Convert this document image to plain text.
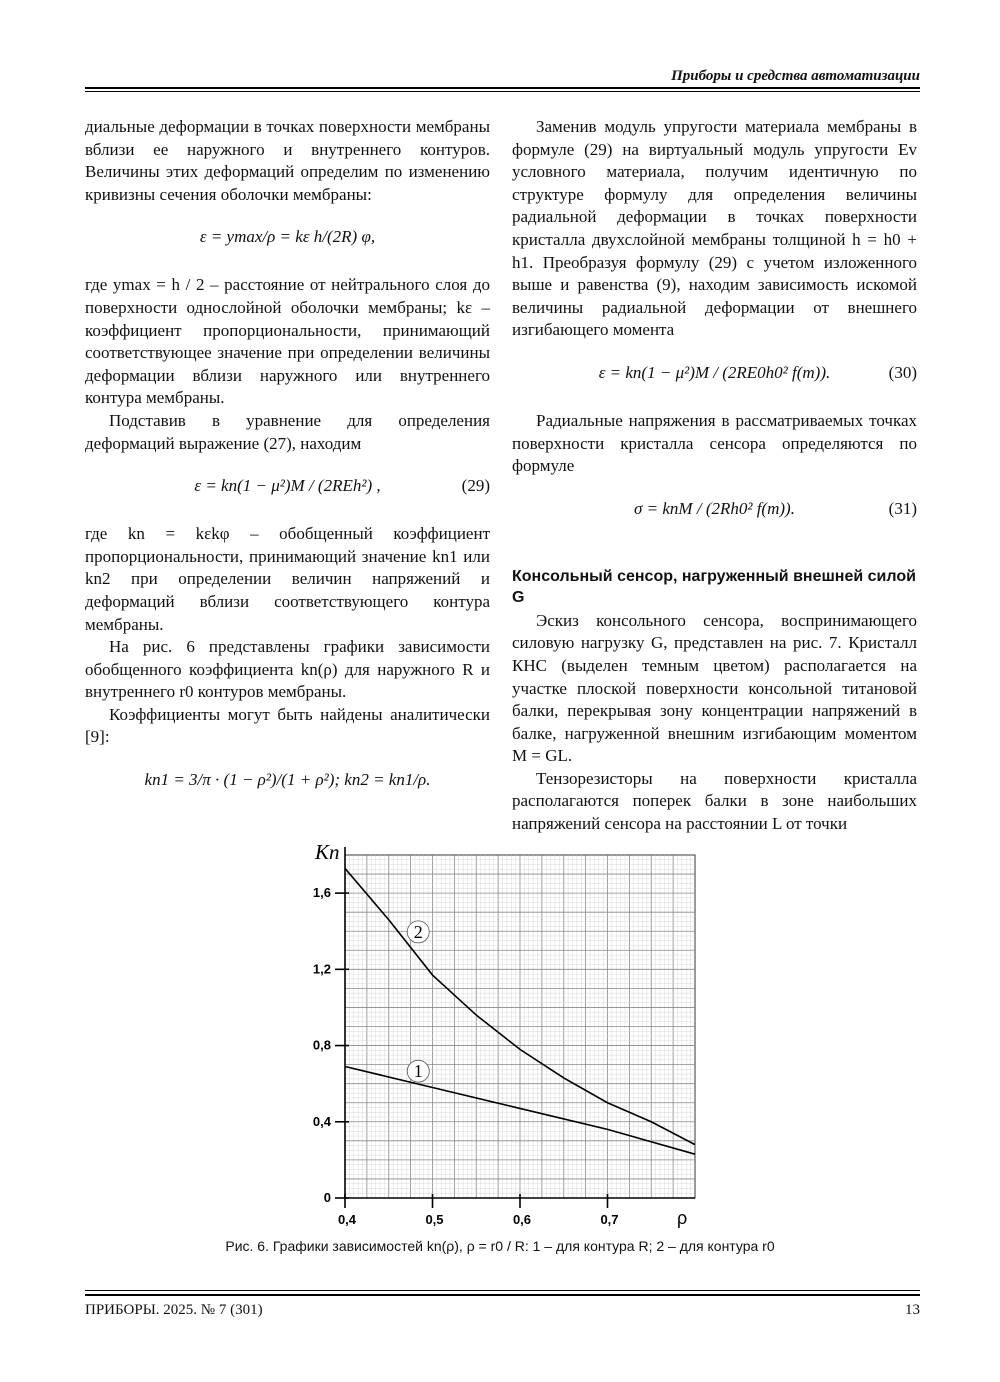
Приборы и средства автоматизации

диальные деформации в точках поверхности мембраны вблизи ее наружного и внутреннего контуров. Величины этих деформаций определим по изменению кривизны сечения оболочки мембраны:

ε = ymax/ρ = kε h/(2R) φ,

где ymax = h / 2 – расстояние от нейтрального слоя до поверхности однослойной оболочки мембраны; kε – коэффициент пропорциональности, принимающий соответствующее значение при определении величины деформации вблизи наружного или внутреннего контура мембраны.

Подставив в уравнение для определения деформаций выражение (27), находим

ε = kn(1 − μ²)M / (2REh²) ,	(29)

где kn = kεkφ – обобщенный коэффициент пропорциональности, принимающий значение kn1 или kn2 при определении величин напряжений и деформаций вблизи соответствующего контура мембраны.

На рис. 6 представлены графики зависимости обобщенного коэффициента kn(ρ) для наружного R и внутреннего r0 контуров мембраны.

Коэффициенты могут быть найдены аналитически [9]:

kn1 = 3/π · (1 − ρ²)/(1 + ρ²); kn2 = kn1/ρ.

Заменив модуль упругости материала мембраны в формуле (29) на виртуальный модуль упругости Ev условного материала, получим идентичную по структуре формулу для определения величины радиальной деформации в точках поверхности кристалла двухслойной мембраны толщиной h = h0 + h1. Преобразуя формулу (29) с учетом изложенного выше и равенства (9), находим зависимость искомой величины радиальной деформации от внешнего изгибающего момента

ε = kn(1 − μ²)M / (2RE0h0² f(m)).	(30)

Радиальные напряжения в рассматриваемых точках поверхности кристалла сенсора определяются по формуле

σ = knM / (2Rh0² f(m)).	(31)
Консольный сенсор, нагруженный внешней силой G

Эскиз консольного сенсора, воспринимающего силовую нагрузку G, представлен на рис. 7. Кристалл КНС (выделен темным цветом) располагается на участке плоской поверхности консольной титановой балки, перекрывая зону концентрации напряжений в балке, нагруженной внешним изгибающим моментом M = GL.

Тензорезисторы на поверхности кристалла располагаются поперек балки в зоне наибольших напряжений сенсора на расстоянии L от точки

0
0,4
0,8
1,2
1,6
0,4	0,5	0,6	0,7
Kn
ρ
1
2
Рис. 6. Графики зависимостей kn(ρ), ρ = r0 / R: 1 – для контура R; 2 – для контура r0
ПРИБОРЫ. 2025. № 7 (301)	13
